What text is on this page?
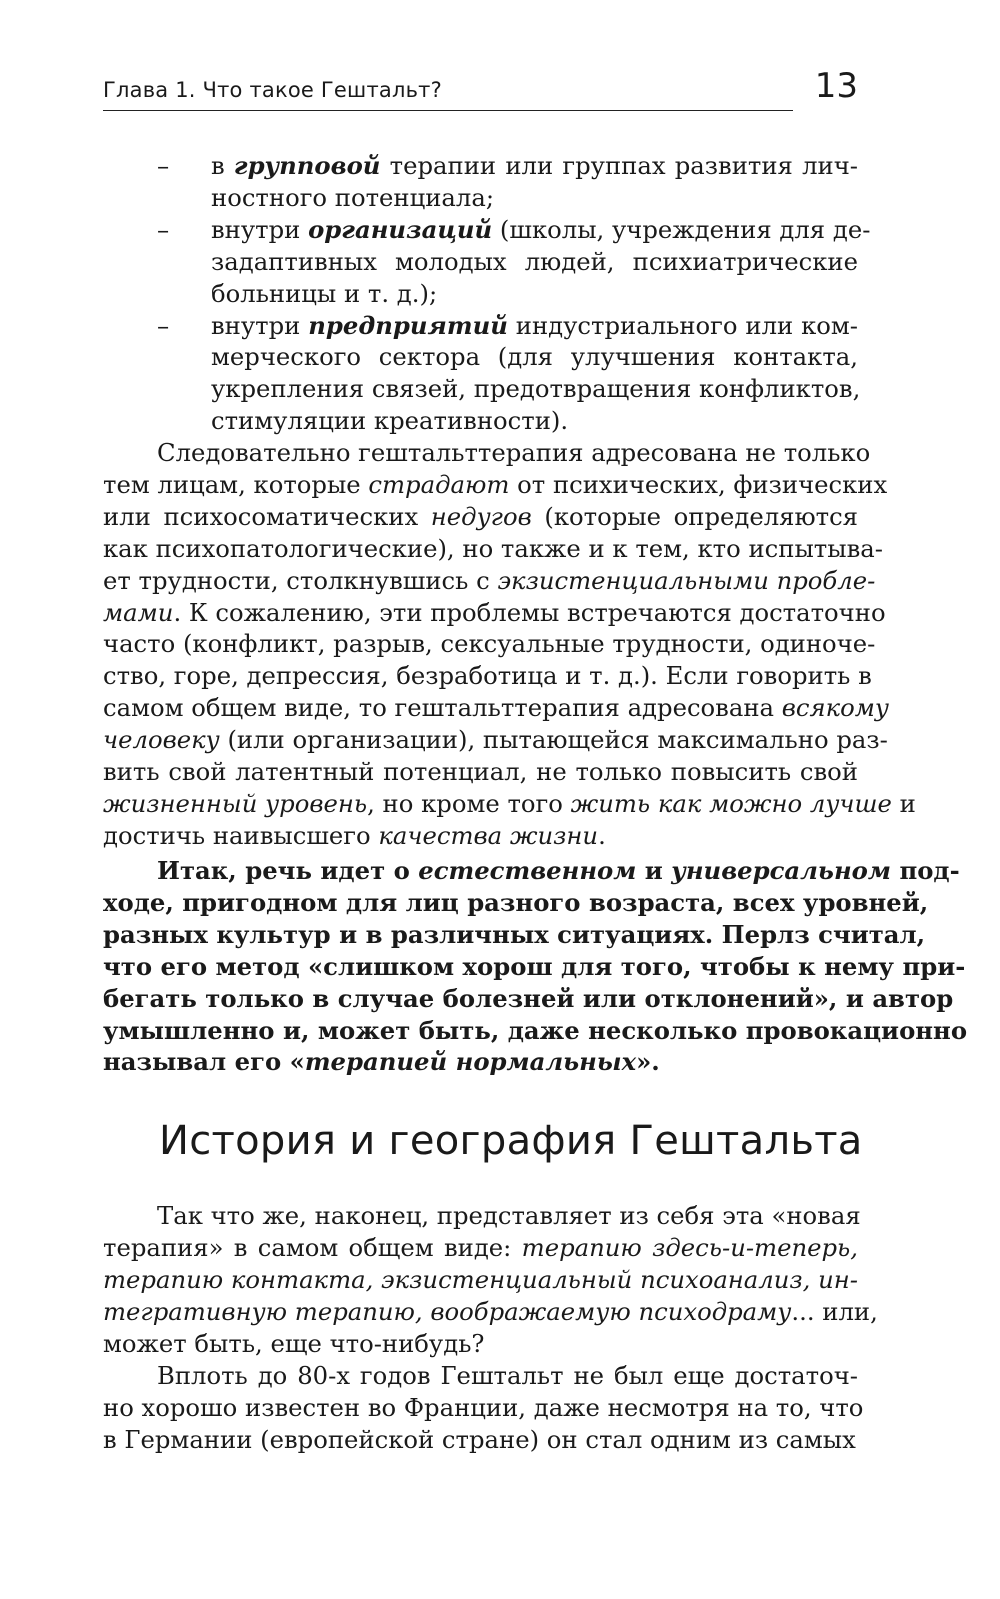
Глава 1. Что такое Гештальт?	13
– в групповой терапии или группах развития лич-
ностного потенциала;
– внутри организаций (школы, учреждения для де-
задаптивных молодых людей, психиатрические
больницы и т. д.);
– внутри предприятий индустриального или ком-
мерческого сектора (для улучшения контакта,
укрепления связей, предотвращения конфликтов,
стимуляции креативности).
Следовательно гештальттерапия адресована не только
тем лицам, которые страдают от психических, физических
или психосоматических недугов (которые определяются
как психопатологические), но также и к тем, кто испытыва-
ет трудности, столкнувшись с экзистенциальными пробле-
мами. К сожалению, эти проблемы встречаются достаточно
часто (конфликт, разрыв, сексуальные трудности, одиноче-
ство, горе, депрессия, безработица и т. д.). Если говорить в
самом общем виде, то гештальттерапия адресована всякому
человеку (или организации), пытающейся максимально раз-
вить свой латентный потенциал, не только повысить свой
жизненный уровень, но кроме того жить как можно лучше и
достичь наивысшего качества жизни.
Итак, речь идет о естественном и универсальном под-
ходе, пригодном для лиц разного возраста, всех уровней,
разных культур и в различных ситуациях. Перлз считал,
что его метод «слишком хорош для того, чтобы к нему при-
бегать только в случае болезней или отклонений», и автор
умышленно и, может быть, даже несколько провокационно
называл его «терапией нормальных».
История и география Гештальта
Так что же, наконец, представляет из себя эта «новая
терапия» в самом общем виде: терапию здесь-и-теперь,
терапию контакта, экзистенциальный психоанализ, ин-
тегративную терапию, воображаемую психодраму... или,
может быть, еще что-нибудь?
Вплоть до 80-х годов Гештальт не был еще достаточ-
но хорошо известен во Франции, даже несмотря на то, что
в Германии (европейской стране) он стал одним из самых
